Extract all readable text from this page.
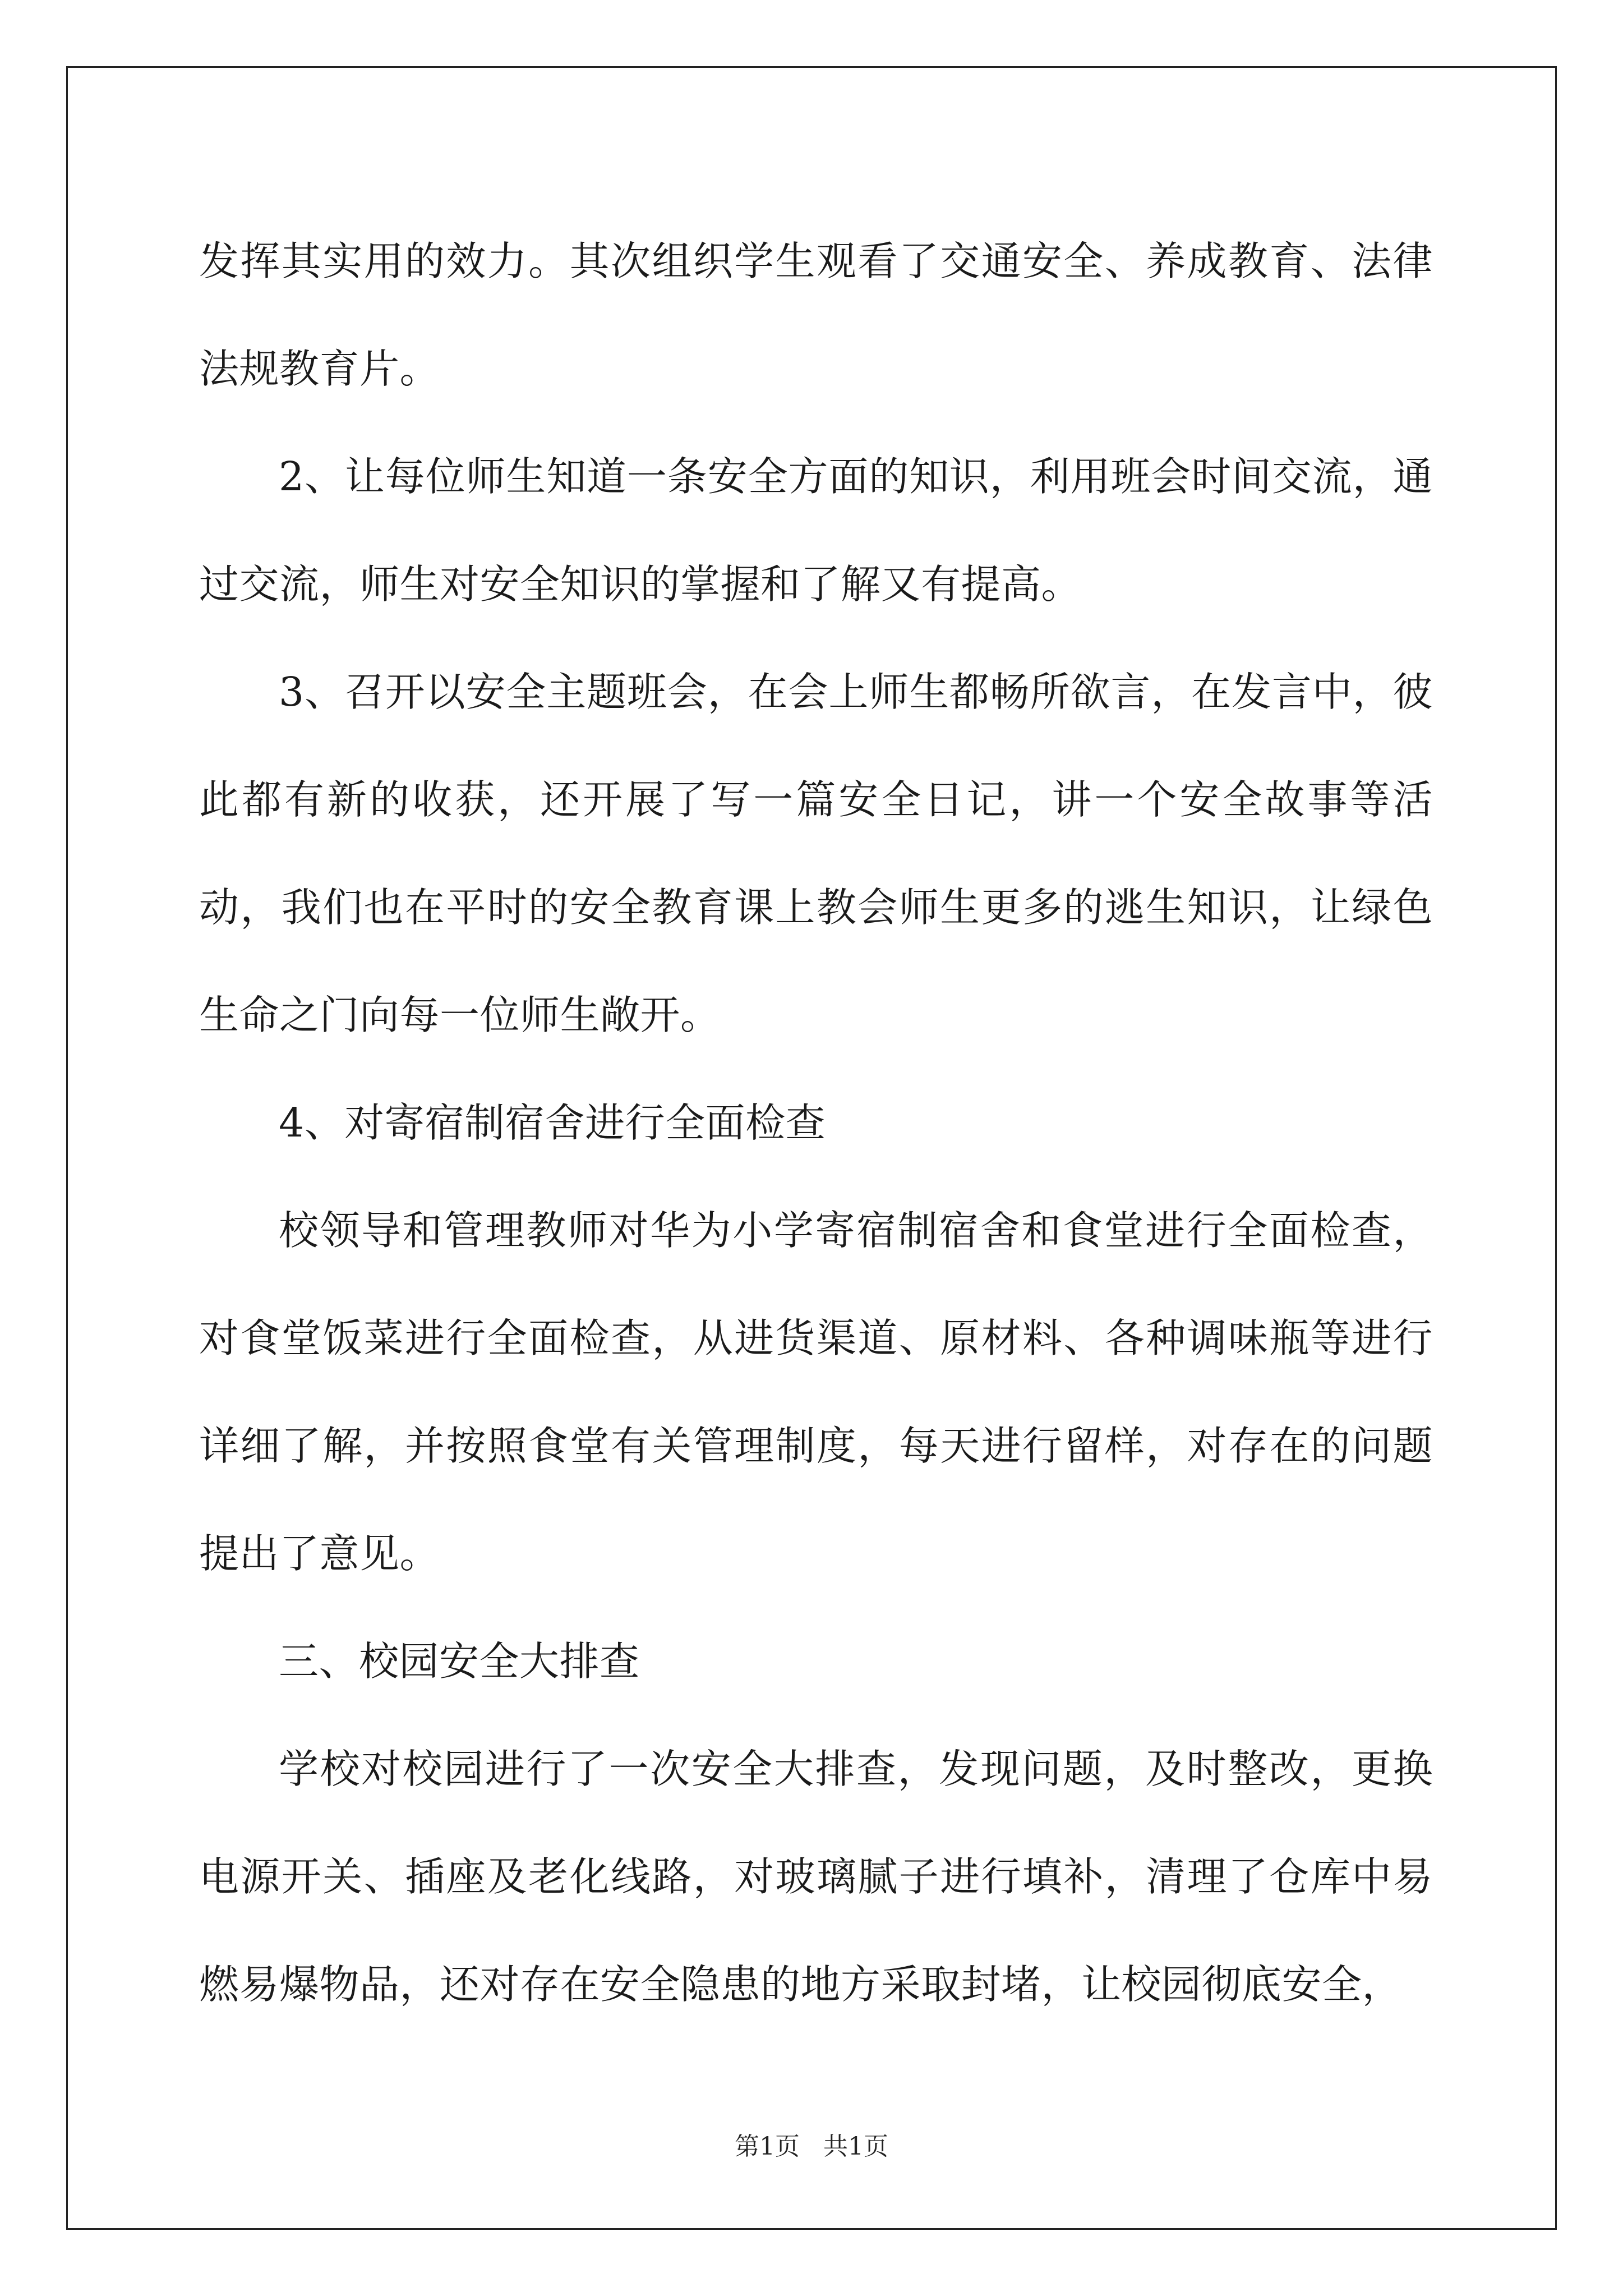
发挥其实用的效力。其次组织学生观看了交通安全、养成教育、法律法规教育片。

2、让每位师生知道一条安全方面的知识，利用班会时间交流，通过交流，师生对安全知识的掌握和了解又有提高。

3、召开以安全主题班会，在会上师生都畅所欲言，在发言中，彼此都有新的收获，还开展了写一篇安全日记，讲一个安全故事等活动，我们也在平时的安全教育课上教会师生更多的逃生知识，让绿色生命之门向每一位师生敞开。

4、对寄宿制宿舍进行全面检查

校领导和管理教师对华为小学寄宿制宿舍和食堂进行全面检查，对食堂饭菜进行全面检查，从进货渠道、原材料、各种调味瓶等进行详细了解，并按照食堂有关管理制度，每天进行留样，对存在的问题提出了意见。

三、校园安全大排查

学校对校园进行了一次安全大排查，发现问题，及时整改，更换电源开关、插座及老化线路，对玻璃腻子进行填补，清理了仓库中易燃易爆物品，还对存在安全隐患的地方采取封堵，让校园彻底安全，

第1页 共1页
